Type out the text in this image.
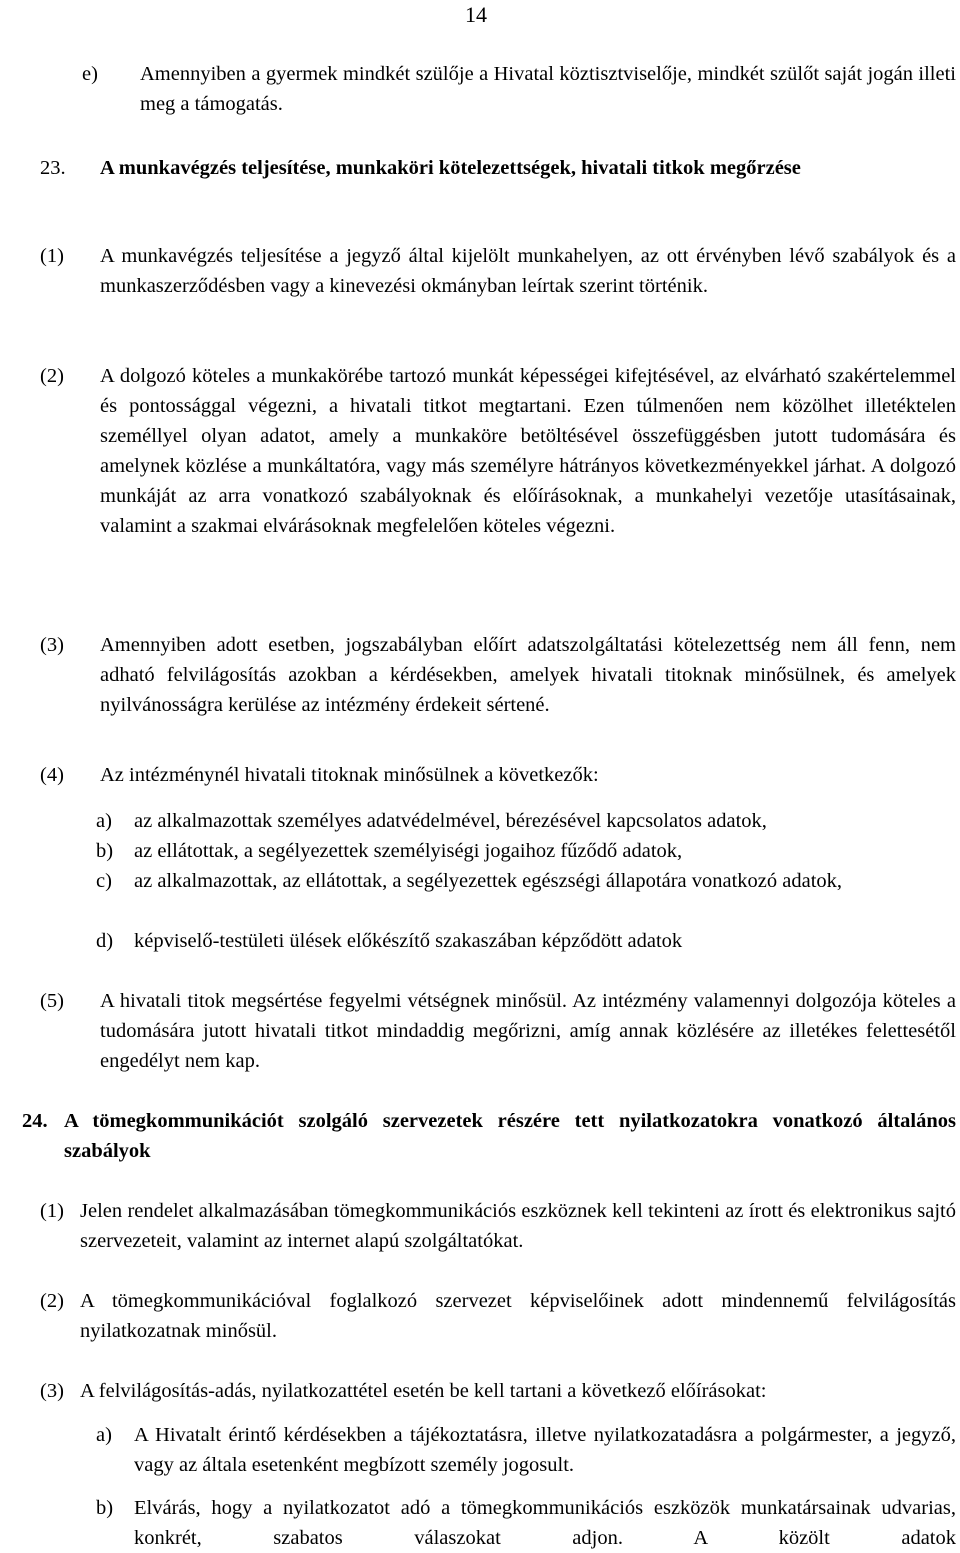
14
e) Amennyiben a gyermek mindkét szülője a Hivatal köztisztviselője, mindkét szülőt saját jogán illeti meg a támogatás.
23. A munkavégzés teljesítése, munkaköri kötelezettségek, hivatali titkok megőrzése
(1) A munkavégzés teljesítése a jegyző által kijelölt munkahelyen, az ott érvényben lévő szabályok és a munkaszerződésben vagy a kinevezési okmányban leírtak szerint történik.
(2) A dolgozó köteles a munkakörébe tartozó munkát képességei kifejtésével, az elvárható szakértelemmel és pontossággal végezni, a hivatali titkot megtartani. Ezen túlmenően nem közölhet illetéktelen személlyel olyan adatot, amely a munkaköre betöltésével összefüggésben jutott tudomására és amelynek közlése a munkáltatóra, vagy más személyre hátrányos következményekkel járhat. A dolgozó munkáját az arra vonatkozó szabályoknak és előírásoknak, a munkahelyi vezetője utasításainak, valamint a szakmai elvárásoknak megfelelően köteles végezni.
(3) Amennyiben adott esetben, jogszabályban előírt adatszolgáltatási kötelezettség nem áll fenn, nem adható felvilágosítás azokban a kérdésekben, amelyek hivatali titoknak minősülnek, és amelyek nyilvánosságra kerülése az intézmény érdekeit sértené.
(4) Az intézménynél hivatali titoknak minősülnek a következők:
a) az alkalmazottak személyes adatvédelmével, bérezésével kapcsolatos adatok,
b) az ellátottak, a segélyezettek személyiségi jogaihoz fűződő adatok,
c) az alkalmazottak, az ellátottak, a segélyezettek egészségi állapotára vonatkozó adatok,
d) képviselő-testületi ülések előkészítő szakaszában képződött adatok
(5) A hivatali titok megsértése fegyelmi vétségnek minősül. Az intézmény valamennyi dolgozója köteles a tudomására jutott hivatali titkot mindaddig megőrizni, amíg annak közlésére az illetékes felettesétől engedélyt nem kap.
24. A tömegkommunikációt szolgáló szervezetek részére tett nyilatkozatokra vonatkozó általános szabályok
(1) Jelen rendelet alkalmazásában tömegkommunikációs eszköznek kell tekinteni az írott és elektronikus sajtó szervezeteit, valamint az internet alapú szolgáltatókat.
(2) A tömegkommunikációval foglalkozó szervezet képviselőinek adott mindennemű felvilágosítás nyilatkozatnak minősül.
(3) A felvilágosítás-adás, nyilatkozattétel esetén be kell tartani a következő előírásokat:
a) A Hivatalt érintő kérdésekben a tájékoztatásra, illetve nyilatkozatadásra a polgármester, a jegyző, vagy az általa esetenként megbízott személy jogosult.
b) Elvárás, hogy a nyilatkozatot adó a tömegkommunikációs eszközök munkatársainak udvarias, konkrét, szabatos válaszokat adjon. A közölt adatok
